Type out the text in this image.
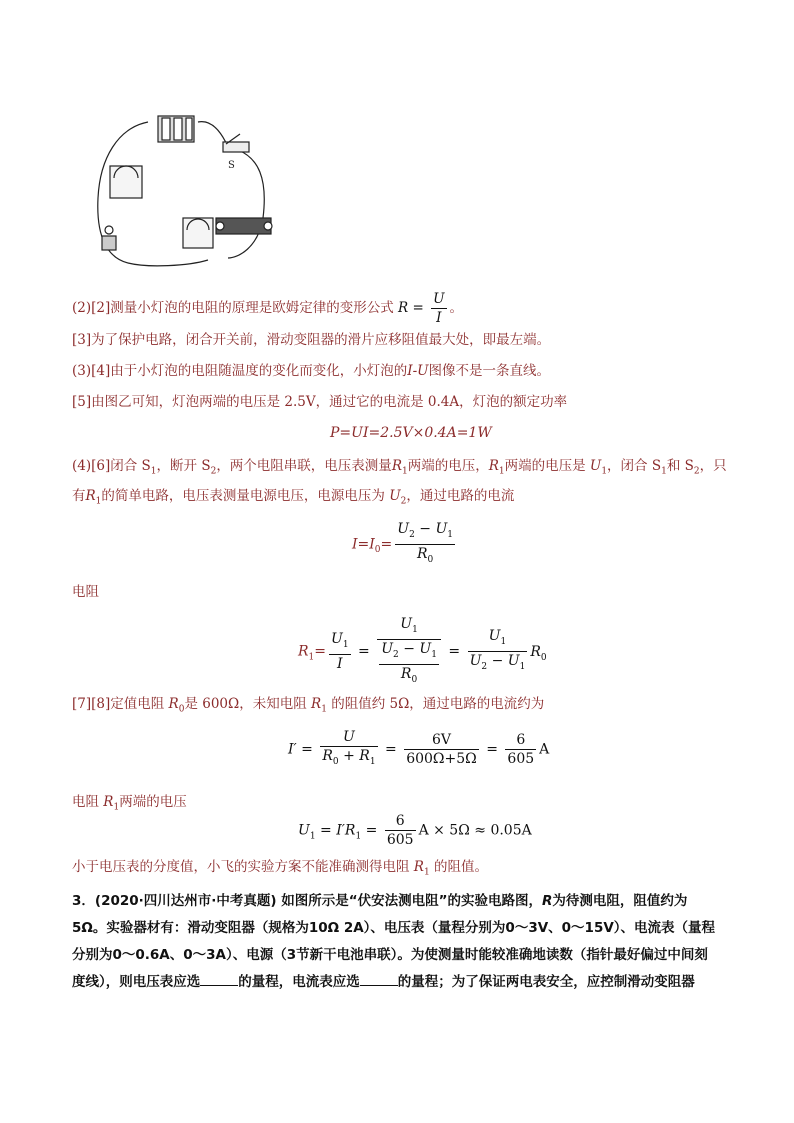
S
(2)[2]测量小灯泡的电阻的原理是欧姆定律的变形公式 $R = \frac{U}{I}$ 。
[3]为了保护电路，闭合开关前，滑动变阻器的滑片应移阻值最大处，即最左端。
(3)[4]由于小灯泡的电阻随温度的变化而变化，小灯泡的I-U图像不是一条直线。
[5]由图乙可知，灯泡两端的电压是 2.5V，通过它的电流是 0.4A，灯泡的额定功率
P=UI=2.5V×0.4A=1W
(4)[6]闭合 $S_1$，断开 $S_2$，两个电阻串联，电压表测量$R_1$两端的电压，$R_1$两端的电压是 $U_1$，闭合 $S_1$和 $S_2$，只
有$R_1$的简单电路，电压表测量电源电压，电源电压为 $U_2$，通过电路的电流
$I=I_0= \frac{U_2 - U_1}{R_0}$
电阻
$R_1= \frac{U_1}{I} = \frac{U_1}{\frac{U_2 - U_1}{R_0}} = \frac{U_1}{U_2 - U_1} R_0$
[7][8]定值电阻 $R_0$是 600Ω，未知电阻 $R_1$ 的阻值约 5Ω，通过电路的电流约为
$I' = \frac{U}{R_0 + R_1} = \frac{6V}{600\Omega+5\Omega} = \frac{6}{605}$ A
电阻 $R_1$两端的电压
$U_1 = I'R_1 = \frac{6}{605}$ A × 5Ω ≈ 0.05A
小于电压表的分度值，小飞的实验方案不能准确测得电阻 $R_1$ 的阻值。
3．(2020·四川达州市·中考真题) 如图所示是“伏安法测电阻”的实验电路图，R为待测电阻，阻值约为
5Ω。实验器材有：滑动变阻器（规格为10Ω 2A）、电压表（量程分别为0～3V、0～15V）、电流表（量程
分别为0～0.6A、0～3A）、电源（3节新干电池串联）。为使测量时能较准确地读数（指针最好偏过中间刻
度线），则电压表应选	的量程，电流表应选	的量程；为了保证两电表安全，应控制滑动变阻器
